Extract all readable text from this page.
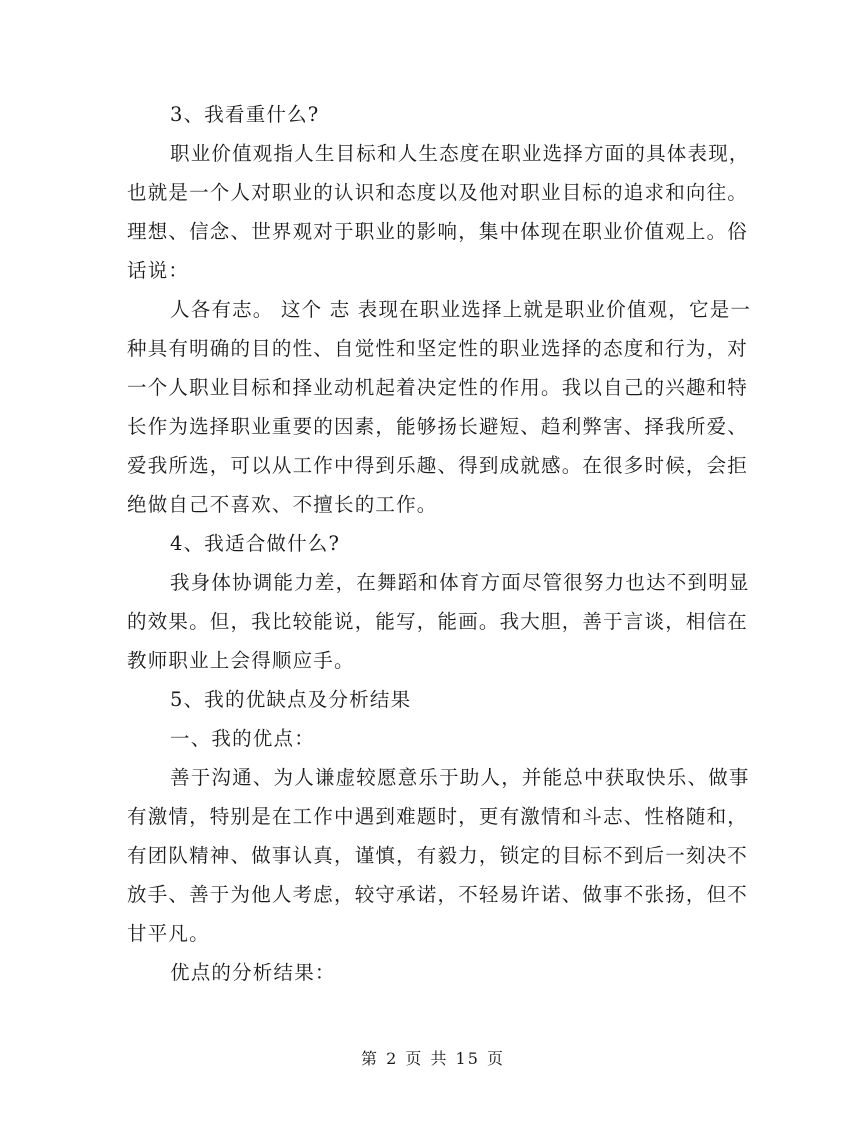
3、我看重什么?
职业价值观指人生目标和人生态度在职业选择方面的具体表现，
也就是一个人对职业的认识和态度以及他对职业目标的追求和向往。
理想、信念、世界观对于职业的影响，集中体现在职业价值观上。俗
话说：
人各有志。 这个 志 表现在职业选择上就是职业价值观，它是一
种具有明确的目的性、自觉性和坚定性的职业选择的态度和行为，对
一个人职业目标和择业动机起着决定性的作用。我以自己的兴趣和特
长作为选择职业重要的因素，能够扬长避短、趋利弊害、择我所爱、
爱我所选，可以从工作中得到乐趣、得到成就感。在很多时候，会拒
绝做自己不喜欢、不擅长的工作。
4、我适合做什么?
我身体协调能力差，在舞蹈和体育方面尽管很努力也达不到明显
的效果。但，我比较能说，能写，能画。我大胆，善于言谈，相信在
教师职业上会得顺应手。
5、我的优缺点及分析结果
一、我的优点：
善于沟通、为人谦虚较愿意乐于助人，并能总中获取快乐、做事
有激情，特别是在工作中遇到难题时，更有激情和斗志、性格随和，
有团队精神、做事认真，谨慎，有毅力，锁定的目标不到后一刻决不
放手、善于为他人考虑，较守承诺，不轻易许诺、做事不张扬，但不
甘平凡。
优点的分析结果：
第 2 页 共 15 页
